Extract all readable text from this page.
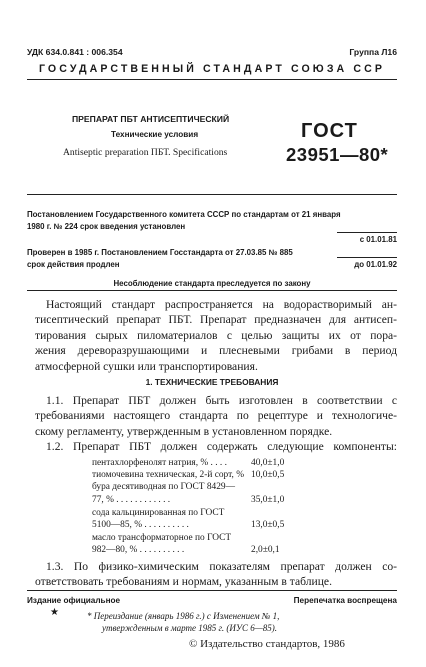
УДК 634.0.841 : 006.354	Группа Л16
ГОСУДАРСТВЕННЫЙ СТАНДАРТ СОЮЗА ССР
ПРЕПАРАТ ПБТ АНТИСЕПТИЧЕСКИЙ
Технические условия
Antiseptic preparation ПБТ. Specifications
ГОСТ
23951—80*
Постановлением Государственного комитета СССР по стандартам от 21 января
1980 г. № 224 срок введения установлен
с 01.01.81
Проверен в 1985 г. Постановлением Госстандарта от 27.03.85 № 885
срок действия продлен	до 01.01.92
Несоблюдение стандарта преследуется по закону
Настоящий стандарт распространяется на водорастворимый ан-
тисептический препарат ПБТ. Препарат предназначен для антисеп-
тирования сырых пиломатериалов с целью защиты их от пора-
жения дереворазрушающими и плесневыми грибами в период
атмосферной сушки или транспортирования.
1. ТЕХНИЧЕСКИЕ ТРЕБОВАНИЯ
1.1. Препарат ПБТ должен быть изготовлен в соответствии с
требованиями настоящего стандарта по рецептуре и технологиче-
скому регламенту, утвержденным в установленном порядке.
1.2. Препарат ПБТ должен содержать следующие компоненты:
пентахлорфенолят натрия, % . . . .	40,0±1,0
тиомочевина техническая, 2-й сорт, % 10,0±0,5
бура десятиводная по ГОСТ 8429—
77, % . . . . . . . . . . . .	35,0±1,0
сода кальцинированная по ГОСТ
5100—85, % . . . . . . . . . .	13,0±0,5
масло трансформаторное по ГОСТ
982—80, % . . . . . . . . . .	2,0±0,1
1.3. По физико-химическим показателям препарат должен со-
ответствовать требованиям и нормам, указанным в таблице.
Издание официальное	Перепечатка воспрещена
★	* Переиздание (январь 1986 г.) с Изменением № 1,
утвержденным в марте 1985 г. (ИУС 6—85).
© Издательство стандартов, 1986
